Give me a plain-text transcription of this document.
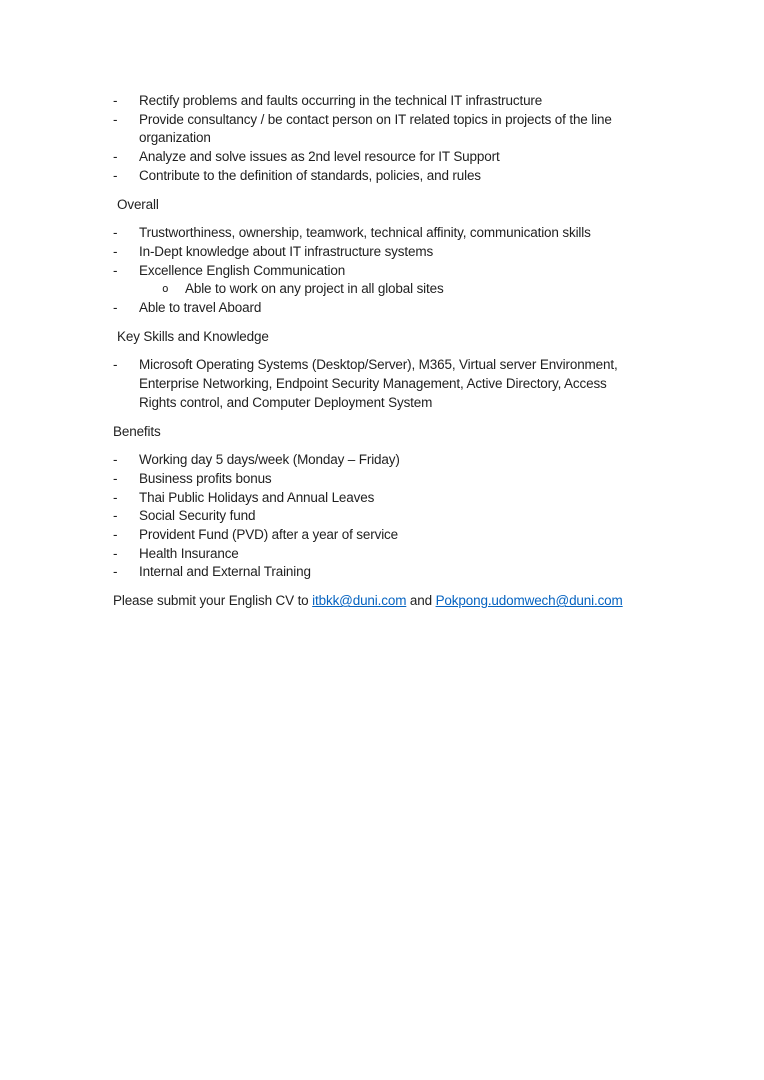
-	Rectify problems and faults occurring in the technical IT infrastructure
-	Provide consultancy / be contact person on IT related topics in projects of the line organization
-	Analyze and solve issues as 2nd level resource for IT Support
-	Contribute to the definition of standards, policies, and rules
Overall
-	Trustworthiness, ownership, teamwork, technical affinity, communication skills
-	In-Dept knowledge about IT infrastructure systems
-	Excellence English Communication
o	Able to work on any project in all global sites
-	Able to travel Aboard
Key Skills and Knowledge
-	Microsoft Operating Systems (Desktop/Server), M365, Virtual server Environment, Enterprise Networking, Endpoint Security Management, Active Directory, Access Rights control, and Computer Deployment System
Benefits
-	Working day 5 days/week (Monday – Friday)
-	Business profits bonus
-	Thai Public Holidays and Annual Leaves
-	Social Security fund
-	Provident Fund (PVD) after a year of service
-	Health Insurance
-	Internal and External Training

Please submit your English CV to itbkk@duni.com and Pokpong.udomwech@duni.com
